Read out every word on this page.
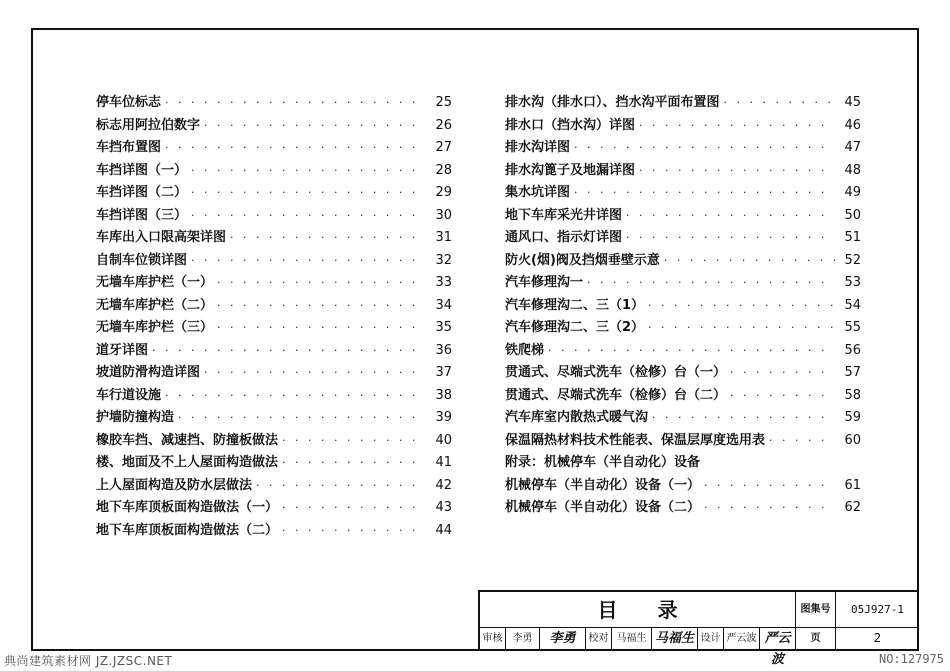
停车位标志 · · ·	25
标志用阿拉伯数字 · · ·	26
车挡布置图 · · ·	27
车挡详图（一） · · ·	28
车挡详图（二） · · ·	29
车挡详图（三） · · ·	30
车库出入口限高架详图 · · ·	31
自制车位锁详图 · · ·	32
无墙车库护栏（一） · · ·	33
无墙车库护栏（二） · · ·	34
无墙车库护栏（三） · · ·	35
道牙详图 · · ·	36
坡道防滑构造详图 · · ·	37
车行道设施 · · ·	38
护墙防撞构造 · · ·	39
橡胶车挡、减速挡、防撞板做法 · · ·	40
楼、地面及不上人屋面构造做法 · · ·	41
上人屋面构造及防水层做法 · · ·	42
地下车库顶板面构造做法（一） · · ·	43
地下车库顶板面构造做法（二） · · ·	44
排水沟（排水口）、挡水沟平面布置图 · · ·	45
排水口（挡水沟）详图 · · ·	46
排水沟详图 · · ·	47
排水沟篦子及地漏详图 · · ·	48
集水坑详图 · · ·	49
地下车库采光井详图 · · ·	50
通风口、指示灯详图 · · ·	51
防火(烟)阀及挡烟垂壁示意 · · ·	52
汽车修理沟一 · · ·	53
汽车修理沟二、三（1） · · ·	54
汽车修理沟二、三（2） · · ·	55
铁爬梯 · · ·	56
贯通式、尽端式洗车（检修）台（一） · · ·	57
贯通式、尽端式洗车（检修）台（二） · · ·	58
汽车库室内散热式暖气沟 · · ·	59
保温隔热材料技术性能表、保温层厚度选用表 · · ·	60
附录：机械停车（半自动化）设备
机械停车（半自动化）设备（一） · · ·	61
机械停车（半自动化）设备（二） · · ·	62
目录	图集号	05J927-1
审核	李勇	李勇	校对 马福生 马福生 设计 严云波 严云波
页	2
典尚建筑素材网 JZ.JZSC.NET	NO:127975
